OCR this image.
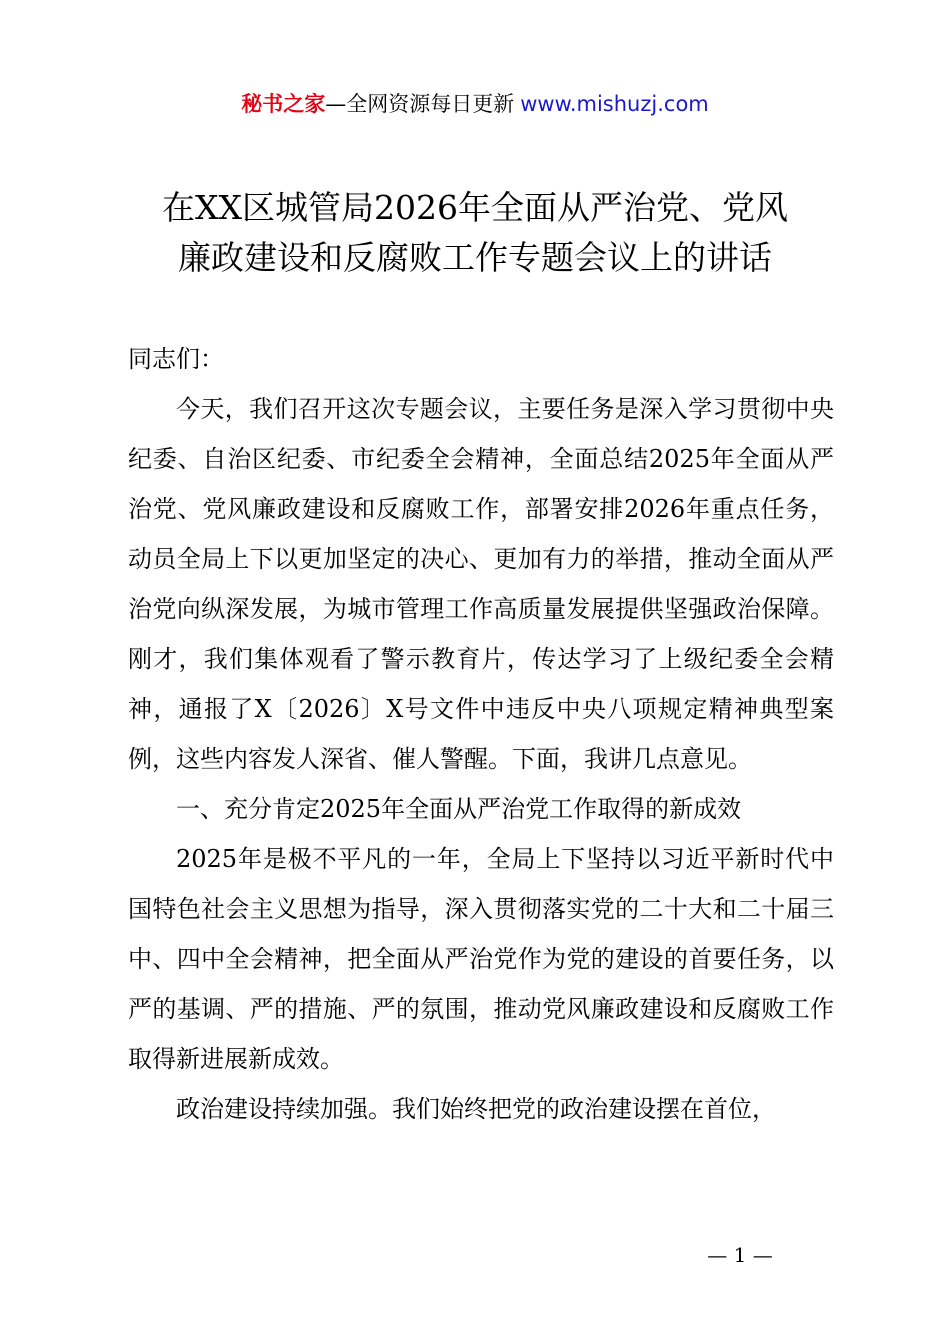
秘书之家—全网资源每日更新 www.mishuzj.com
在XX区城管局2026年全面从严治党、党风
廉政建设和反腐败工作专题会议上的讲话

同志们：

今天，我们召开这次专题会议，主要任务是深入学习贯彻中央纪委、自治区纪委、市纪委全会精神，全面总结2025年全面从严治党、党风廉政建设和反腐败工作，部署安排2026年重点任务，动员全局上下以更加坚定的决心、更加有力的举措，推动全面从严治党向纵深发展，为城市管理工作高质量发展提供坚强政治保障。刚才，我们集体观看了警示教育片，传达学习了上级纪委全会精神，通报了X〔2026〕X号文件中违反中央八项规定精神典型案例，这些内容发人深省、催人警醒。下面，我讲几点意见。

一、充分肯定2025年全面从严治党工作取得的新成效

2025年是极不平凡的一年，全局上下坚持以习近平新时代中国特色社会主义思想为指导，深入贯彻落实党的二十大和二十届三中、四中全会精神，把全面从严治党作为党的建设的首要任务，以严的基调、严的措施、严的氛围，推动党风廉政建设和反腐败工作取得新进展新成效。

政治建设持续加强。我们始终把党的政治建设摆在首位，

— 1 —
